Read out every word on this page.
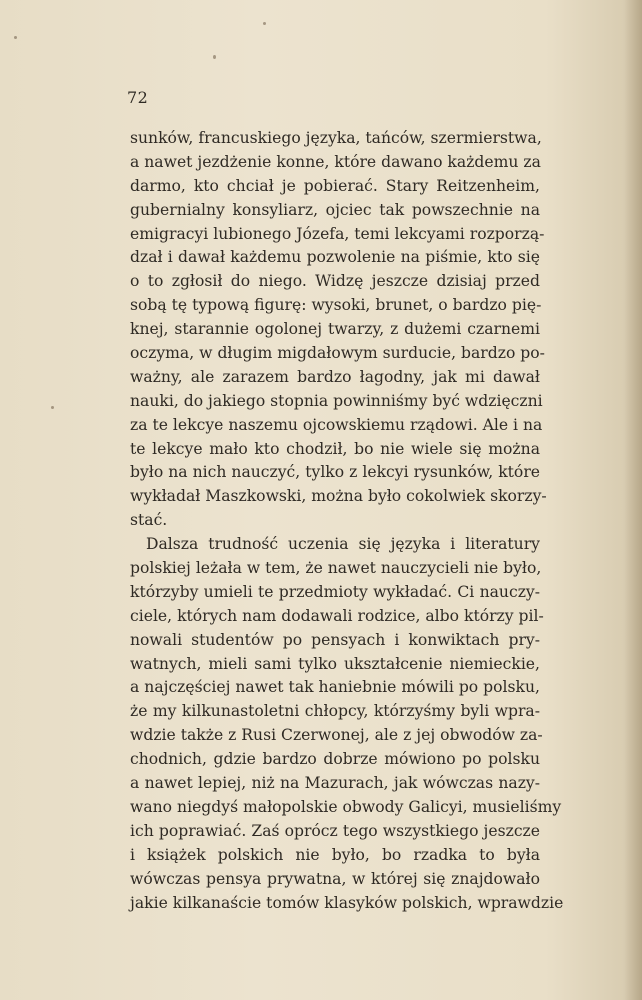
72
sunków, francuskiego języka, tańców, szermierstwa,
a nawet jezdżenie konne, które dawano każdemu za
darmo, kto chciał je pobierać. Stary Reitzenheim,
gubernialny konsyliarz, ojciec tak powszechnie na
emigracyi lubionego Józefa, temi lekcyami rozporzą-
dzał i dawał każdemu pozwolenie na piśmie, kto się
o to zgłosił do niego. Widzę jeszcze dzisiaj przed
sobą tę typową figurę: wysoki, brunet, o bardzo pię-
knej, starannie ogolonej twarzy, z dużemi czarnemi
oczyma, w długim migdałowym surducie, bardzo po-
ważny, ale zarazem bardzo łagodny, jak mi dawał
nauki, do jakiego stopnia powinniśmy być wdzięczni
za te lekcye naszemu ojcowskiemu rządowi. Ale i na
te lekcye mało kto chodził, bo nie wiele się można
było na nich nauczyć, tylko z lekcyi rysunków, które
wykładał Maszkowski, można było cokolwiek skorzy-
stać.
Dalsza trudność uczenia się języka i literatury
polskiej leżała w tem, że nawet nauczycieli nie było,
którzyby umieli te przedmioty wykładać. Ci nauczy-
ciele, których nam dodawali rodzice, albo którzy pil-
nowali studentów po pensyach i konwiktach pry-
watnych, mieli sami tylko ukształcenie niemieckie,
a najczęściej nawet tak haniebnie mówili po polsku,
że my kilkunastoletni chłopcy, którzyśmy byli wpra-
wdzie także z Rusi Czerwonej, ale z jej obwodów za-
chodnich, gdzie bardzo dobrze mówiono po polsku
a nawet lepiej, niż na Mazurach, jak wówczas nazy-
wano niegdyś małopolskie obwody Galicyi, musieliśmy
ich poprawiać. Zaś oprócz tego wszystkiego jeszcze
i książek polskich nie było, bo rzadka to była
wówczas pensya prywatna, w której się znajdowało
jakie kilkanaście tomów klasyków polskich, wprawdzie
